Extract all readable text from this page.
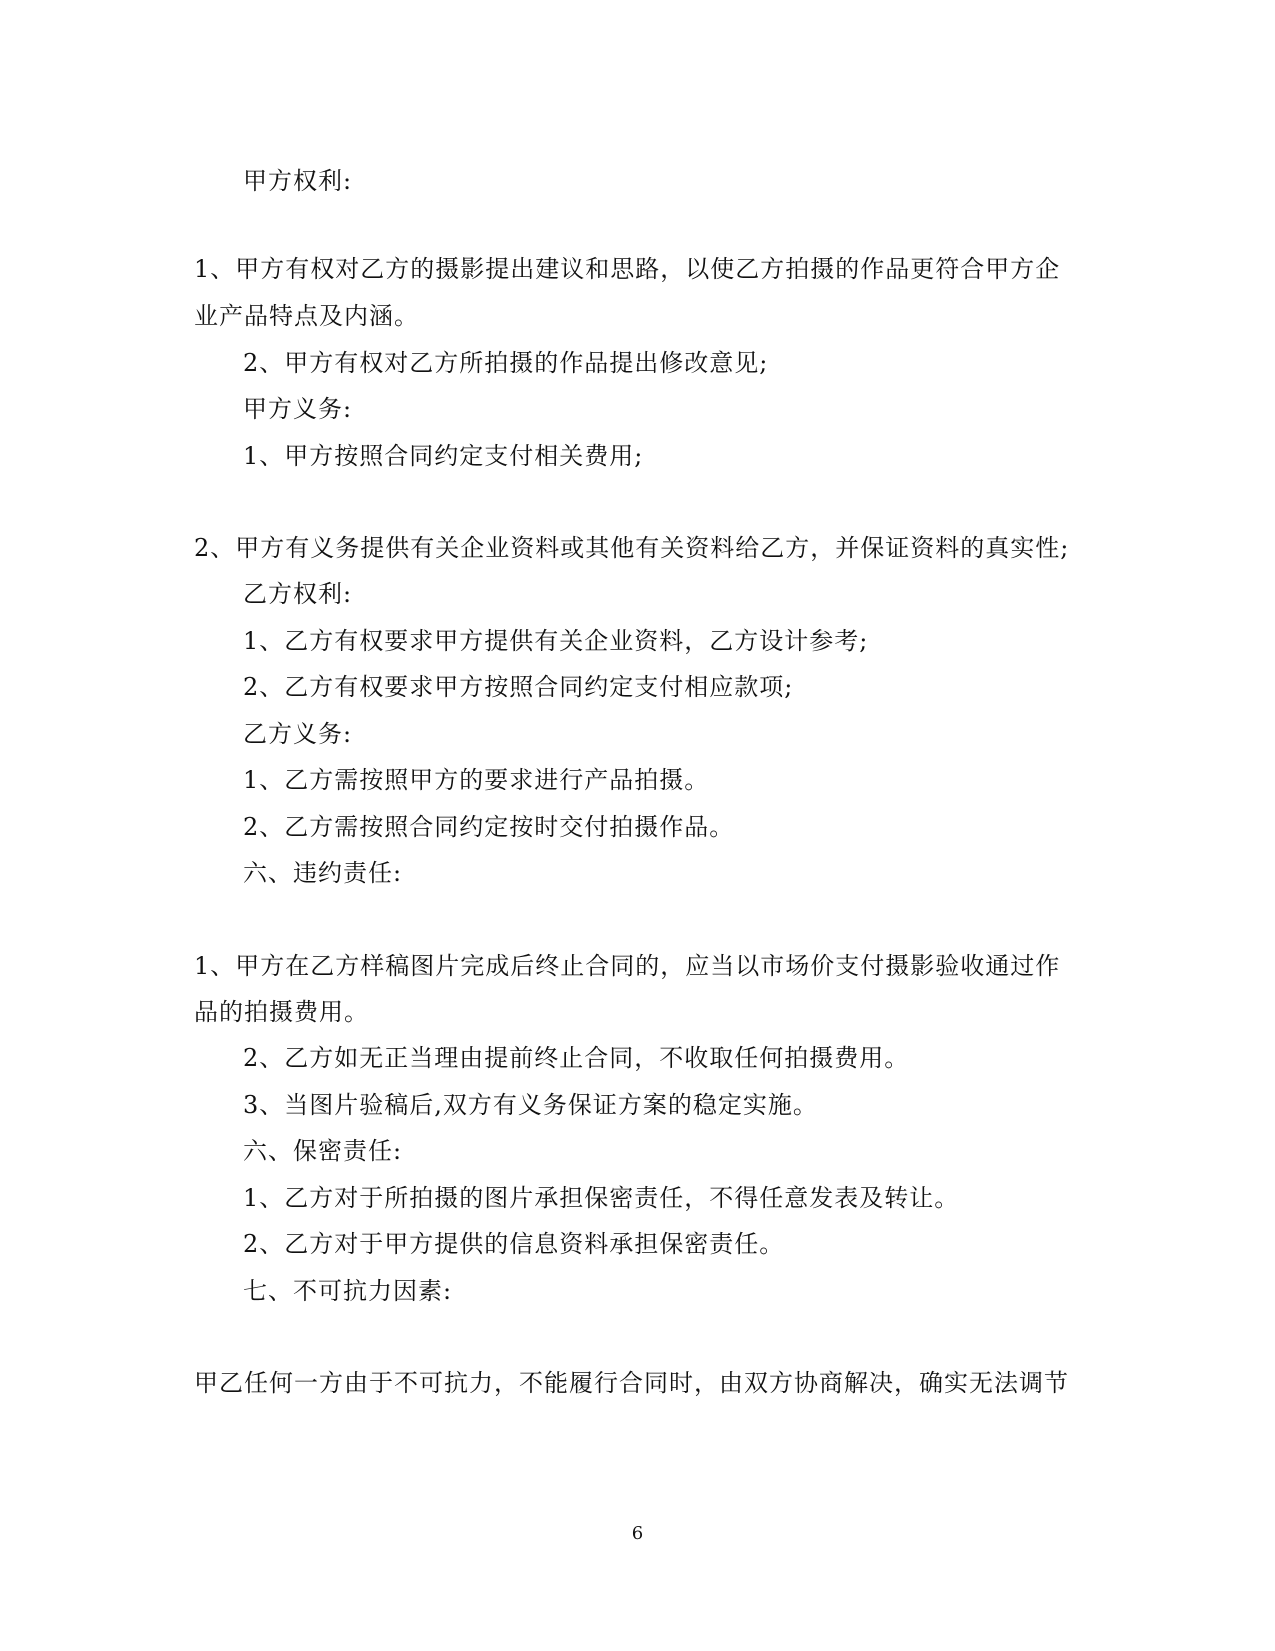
甲方权利:
1、甲方有权对乙方的摄影提出建议和思路，以使乙方拍摄的作品更符合甲方企
业产品特点及内涵。
2、甲方有权对乙方所拍摄的作品提出修改意见;
甲方义务:
1、甲方按照合同约定支付相关费用;
2、甲方有义务提供有关企业资料或其他有关资料给乙方，并保证资料的真实性;
乙方权利:
1、乙方有权要求甲方提供有关企业资料，乙方设计参考;
2、乙方有权要求甲方按照合同约定支付相应款项;
乙方义务:
1、乙方需按照甲方的要求进行产品拍摄。
2、乙方需按照合同约定按时交付拍摄作品。
六、违约责任:
1、甲方在乙方样稿图片完成后终止合同的，应当以市场价支付摄影验收通过作
品的拍摄费用。
2、乙方如无正当理由提前终止合同，不收取任何拍摄费用。
3、当图片验稿后,双方有义务保证方案的稳定实施。
六、保密责任:
1、乙方对于所拍摄的图片承担保密责任，不得任意发表及转让。
2、乙方对于甲方提供的信息资料承担保密责任。
七、不可抗力因素:
甲乙任何一方由于不可抗力，不能履行合同时，由双方协商解决，确实无法调节
6
